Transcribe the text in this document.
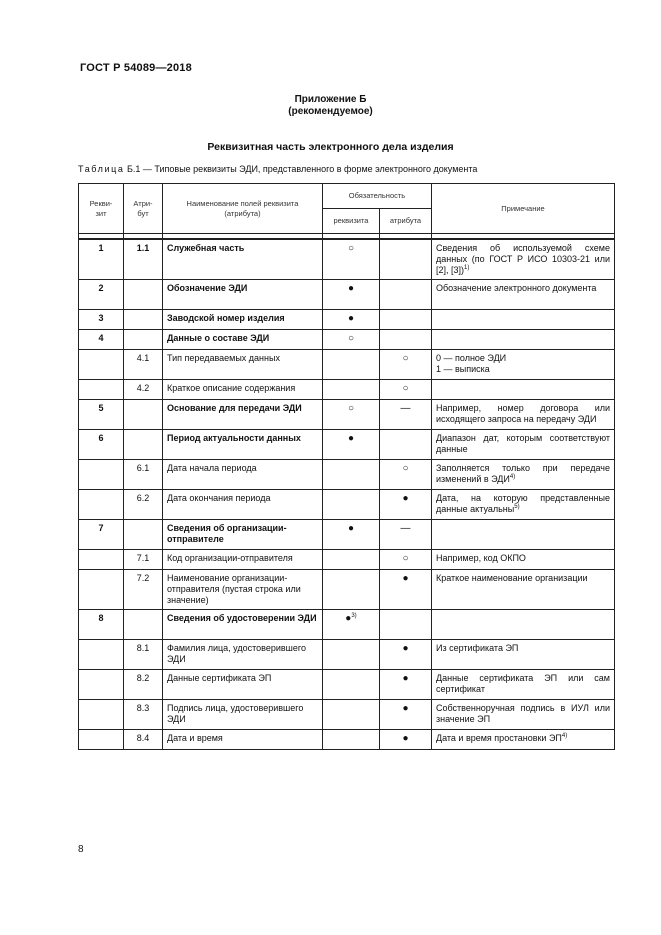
ГОСТ Р 54089—2018
Приложение Б
(рекомендуемое)
Реквизитная часть электронного дела изделия
Таблица Б.1 — Типовые реквизиты ЭДИ, представленного в форме электронного документа
Рекви-
зит	Атри-
бут	Наименование полей реквизита
(атрибута)	Обязательность		Примечание
			реквизита	атрибута	

1	1.1	Служебная часть	○		Сведения об используемой схеме данных (по ГОСТ Р ИСО 10303-21 или [2], [3])$^{1)}$
2		Обозначение ЭДИ	●		Обозначение электронного документа
3		Заводской номер изделия	●		
4		Данные о составе ЭДИ	○		
	4.1	Тип передаваемых данных		○	0 — полное ЭДИ
1 — выписка

	4.2	Краткое описание содержания		○	
5		Основание для передачи ЭДИ	○	—	Например, номер договора или исходящего запроса на передачу ЭДИ
6		Период актуальности данных	●		Диапазон дат, которым соответствуют данные
	6.1	Дата начала периода		○	Заполняется только при передаче изменений в ЭДИ$^{4)}$
	6.2	Дата окончания периода		●	Дата, на которую представленные данные актуальны$^{5)}$
7		Сведения об организации-отправителе	●	—	
	7.1	Код организации-отправителя		○	Например, код ОКПО
	7.2	Наименование организации-отправителя (пустая строка или значение)		●	Краткое наименование организации
8		Сведения об удостоверении ЭДИ	●$^{3)}$		
	8.1	Фамилия лица, удостоверившего ЭДИ		●	Из сертификата ЭП
	8.2	Данные сертификата ЭП		●	Данные сертификата ЭП или сам сертификат
	8.3	Подпись лица, удостоверившего ЭДИ		●	Собственноручная подпись в ИУЛ или значение ЭП
	8.4	Дата и время		●	Дата и время простановки ЭП$^{4)}$
8
